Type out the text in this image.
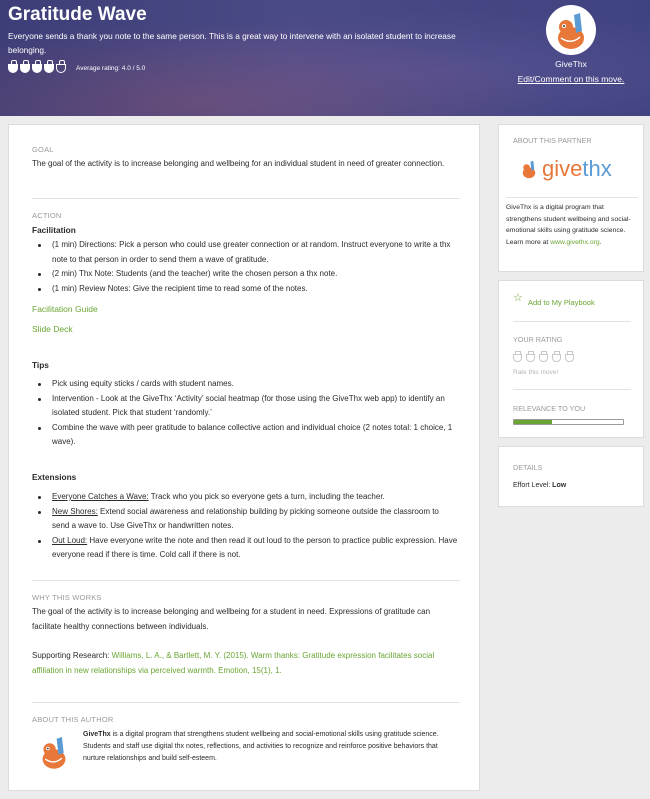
Gratitude Wave
Everyone sends a thank you note to the same person. This is a great way to intervene with an isolated student to increase belonging.
Average rating: 4.0 / 5.0	GiveThx
Edit/Comment on this move.
GOAL
The goal of the activity is to increase belonging and wellbeing for an individual student in need of greater connection.
ACTION
Facilitation
(1 min) Directions: Pick a person who could use greater connection or at random. Instruct everyone to write a thx note to that person in order to send them a wave of gratitude.
(2 min) Thx Note: Students (and the teacher) write the chosen person a thx note.
(1 min) Review Notes: Give the recipient time to read some of the notes.
Facilitation Guide
Slide Deck
Tips
Pick using equity sticks / cards with student names.
Intervention - Look at the GiveThx ‘Activity’ social heatmap (for those using the GiveThx web app) to identify an isolated student. Pick that student ‘randomly.’
Combine the wave with peer gratitude to balance collective action and individual choice (2 notes total: 1 choice, 1 wave).
Extensions
Everyone Catches a Wave: Track who you pick so everyone gets a turn, including the teacher.
New Shores: Extend social awareness and relationship building by picking someone outside the classroom to send a wave to. Use GiveThx or handwritten notes.
Out Loud: Have everyone write the note and then read it out loud to the person to practice public expression. Have everyone read if there is time. Cold call if there is not.
WHY THIS WORKS
The goal of the activity is to increase belonging and wellbeing for a student in need. Expressions of gratitude can facilitate healthy connections between individuals.
Supporting Research: Williams, L. A., & Bartlett, M. Y. (2015). Warm thanks: Gratitude expression facilitates social affiliation in new relationships via perceived warmth. Emotion, 15(1), 1.
ABOUT THIS AUTHOR
GiveThx is a digital program that strengthens student wellbeing and social-emotional skills using gratitude science. Students and staff use digital thx notes, reflections, and activities to recognize and reinforce positive behaviors that nurture relationships and build self-esteem.
ABOUT THIS PARTNER
give thx
GiveThx is a digital program that strengthens student wellbeing and social-emotional skills using gratitude science. Learn more at www.givethx.org.
☆ Add to My Playbook
YOUR RATING
Rate this move!
RELEVANCE TO YOU
DETAILS
Effort Level: Low
